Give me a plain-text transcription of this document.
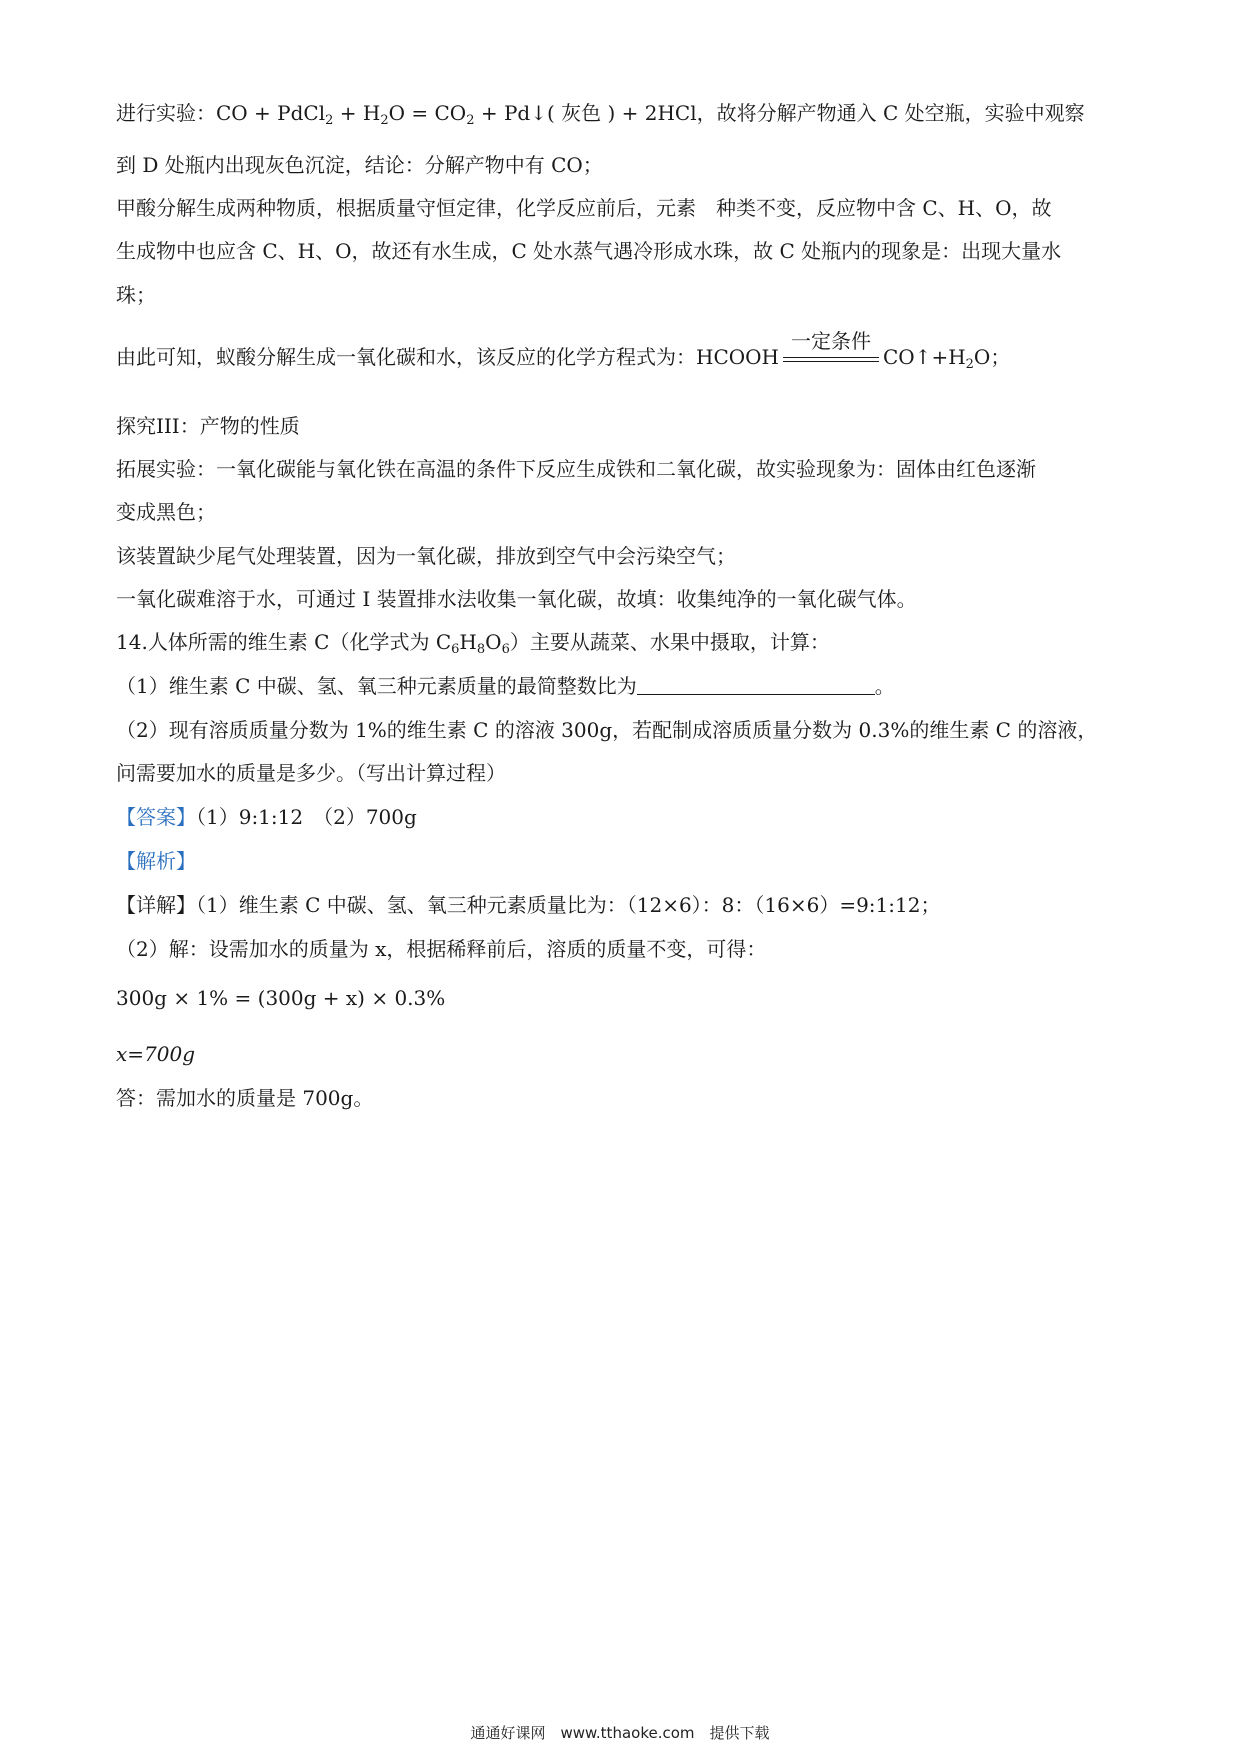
进行实验：CO + PdCl$_2$ + $H_2O = CO_2$ + Pd↓( 灰色 ) + 2HCl，故将分解产物通入 C 处空瓶，实验中观察
到 D 处瓶内出现灰色沉淀，结论：分解产物中有 CO；
甲酸分解生成两种物质，根据质量守恒定律，化学反应前后，元素　种类不变，反应物中含 C、H、O，故
生成物中也应含 C、H、O，故还有水生成，C 处水蒸气遇冷形成水珠，故 C 处瓶内的现象是：出现大量水
珠；
由此可知，蚁酸分解生成一氧化碳和水，该反应的化学方程式为：HCOOH
一定条件
$CO↑+H_2O$；
探究III：产物的性质
拓展实验：一氧化碳能与氧化铁在高温的条件下反应生成铁和二氧化碳，故实验现象为：固体由红色逐渐
变成黑色；
该装置缺少尾气处理装置，因为一氧化碳，排放到空气中会污染空气；
一氧化碳难溶于水，可通过 I 装置排水法收集一氧化碳，故填：收集纯净的一氧化碳气体。
14.人体所需的维生素 C（化学式为 $C_6H_8O_6$）主要从蔬菜、水果中摄取，计算：
（1）维生素 C 中碳、氢、氧三种元素质量的最简整数比为	。
（2）现有溶质质量分数为 1%的维生素 C 的溶液 300g，若配制成溶质质量分数为 0.3%的维生素 C 的溶液，
问需要加水的质量是多少。（写出计算过程）
【答案】（1）9:1:12　（2）700g
【解析】
【详解】（1）维生素 C 中碳、氢、氧三种元素质量比为：（12×6）：8：（16×6）=9:1:12；
（2）解：设需加水的质量为 x，根据稀释前后，溶质的质量不变，可得：
300g × 1% = (300g + x) × 0.3%
x=700g
答：需加水的质量是 700g。
通通好课网　www.tthaoke.com　提供下载
